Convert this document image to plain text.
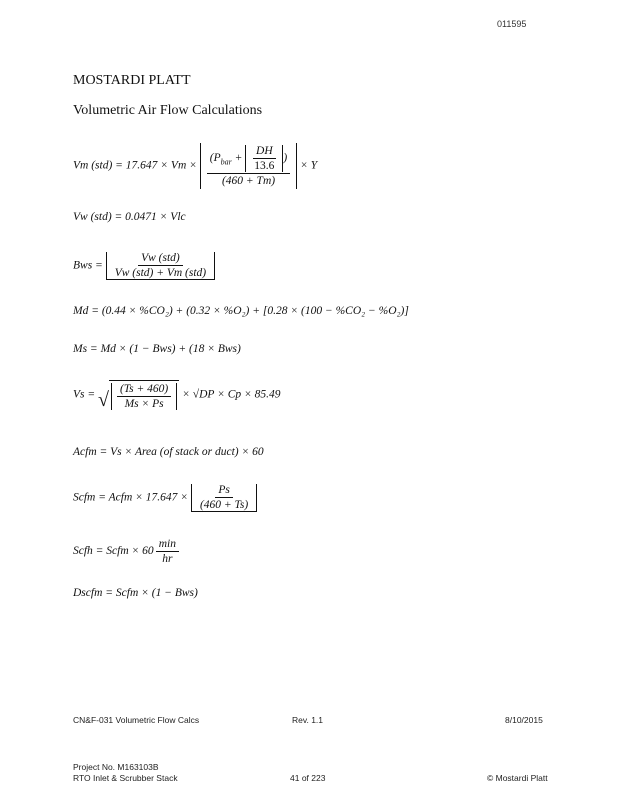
011595
MOSTARDI PLATT
Volumetric Air Flow Calculations
Vm (std) = 17.647 × Vm ×
($P_{bar} + \frac{DH}{13.6}$ )
(460 + Tm)
× Y
Vw (std) = 0.0471 × Vlc
Bws = $\frac{\text{Vw (std)}}{\text{Vw (std) + Vm (std)}}$
Md = (0.44 × %CO₂) + (0.32 × %O₂) + [0.28 × (100 − %CO₂ − %O₂)]
Ms = Md × (1 − Bws) + (18 × Bws)
Vs = √ $\frac{(Ts + 460)}{Ms \times Ps} \times √DP \times Cp \times 85.49$
Acfm = Vs × Area (of stack or duct) × 60
Scfm = Acfm × $17.647 \times \frac{Ps}{(460 + Ts)}$
Scfh = Scfm × $60 \frac{\min}{hr}$
Dscfm = Scfm × (1 − Bws)
CN&F-031 Volumetric Flow Calcs	Rev. 1.1	8/10/2015
Project No. M163103B
RTO Inlet & Scrubber Stack	41 of 223	© Mostardi Platt
